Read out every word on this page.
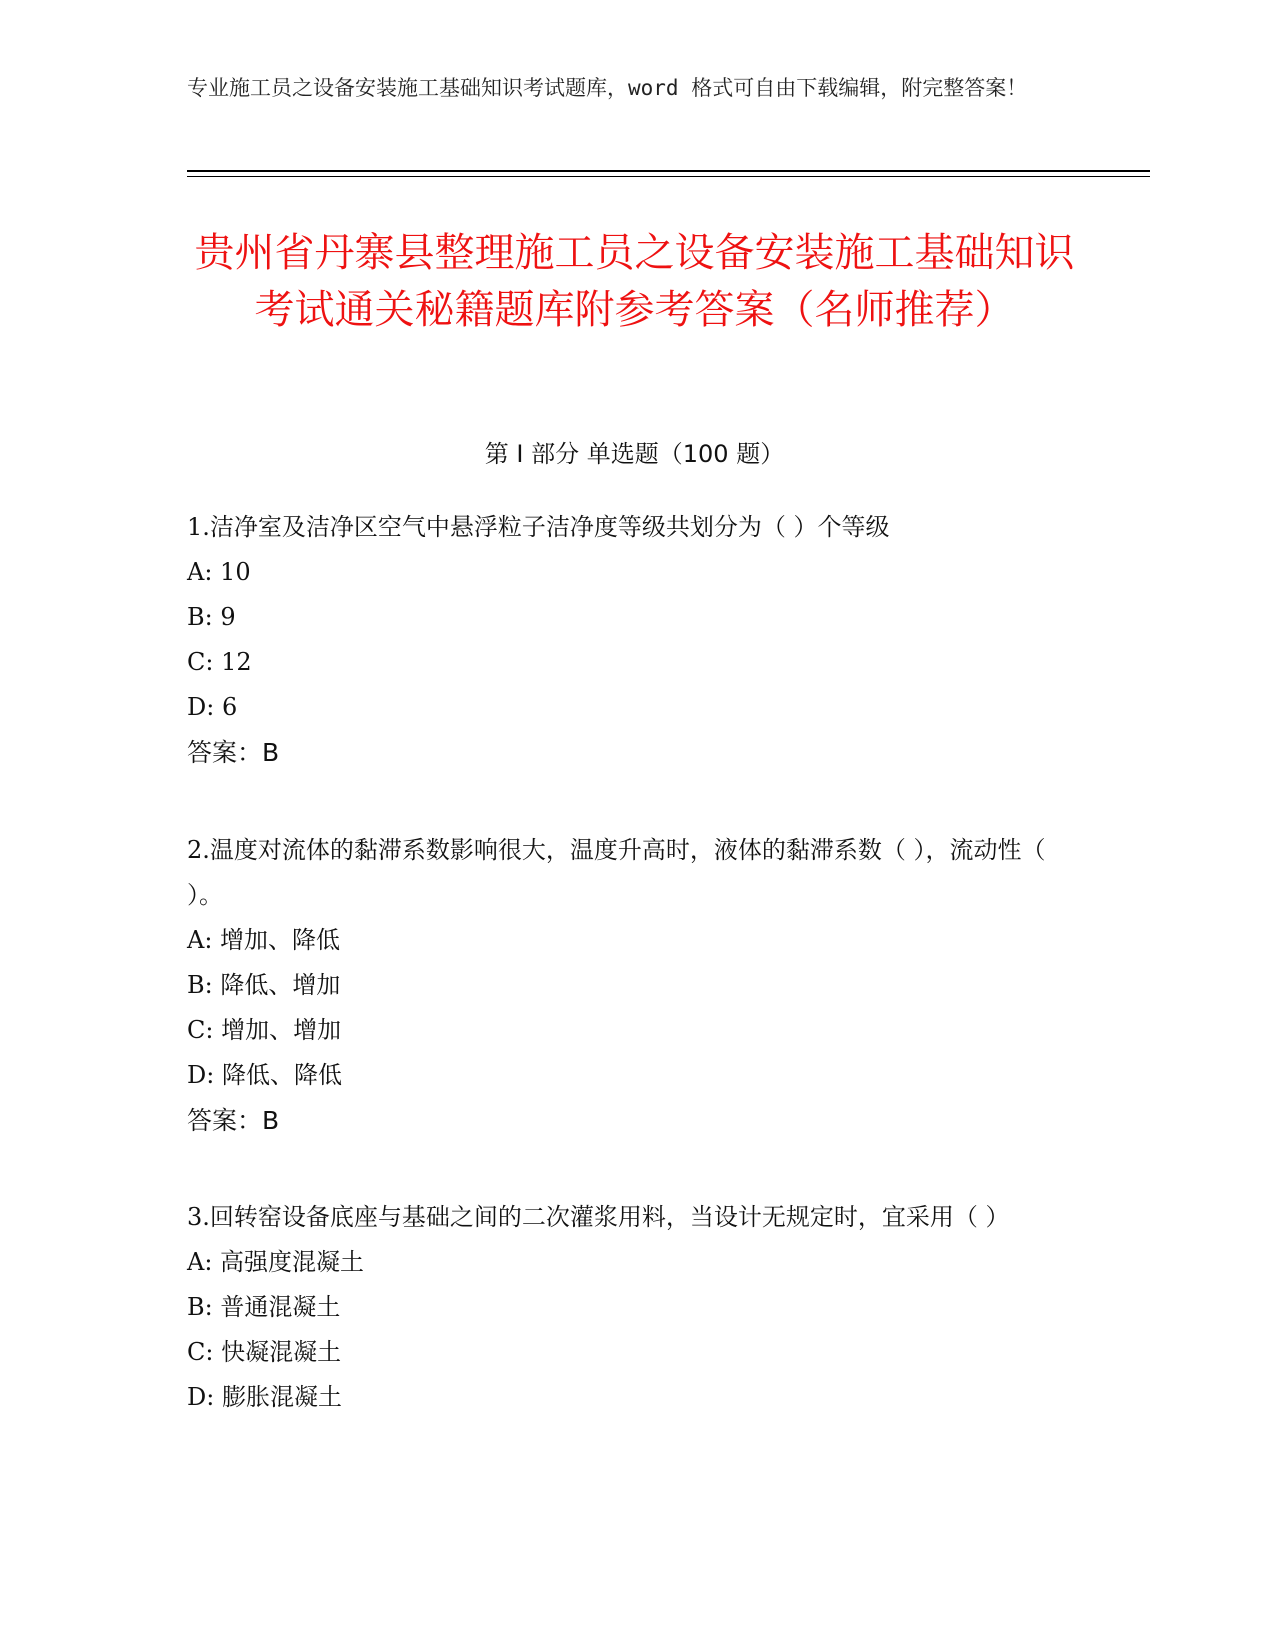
专业施工员之设备安装施工基础知识考试题库，word 格式可自由下载编辑，附完整答案！
贵州省丹寨县整理施工员之设备安装施工基础知识考试通关秘籍题库附参考答案（名师推荐）
第 I 部分 单选题（100 题）
1.洁净室及洁净区空气中悬浮粒子洁净度等级共划分为（ ）个等级
A: 10
B: 9
C: 12
D: 6
答案：B
2.温度对流体的黏滞系数影响很大，温度升高时，液体的黏滞系数（ ），流动性（ ）。
A: 增加、降低
B: 降低、增加
C: 增加、增加
D: 降低、降低
答案：B
3.回转窑设备底座与基础之间的二次灌浆用料，当设计无规定时，宜采用（ ）
A: 高强度混凝土
B: 普通混凝土
C: 快凝混凝土
D: 膨胀混凝土
